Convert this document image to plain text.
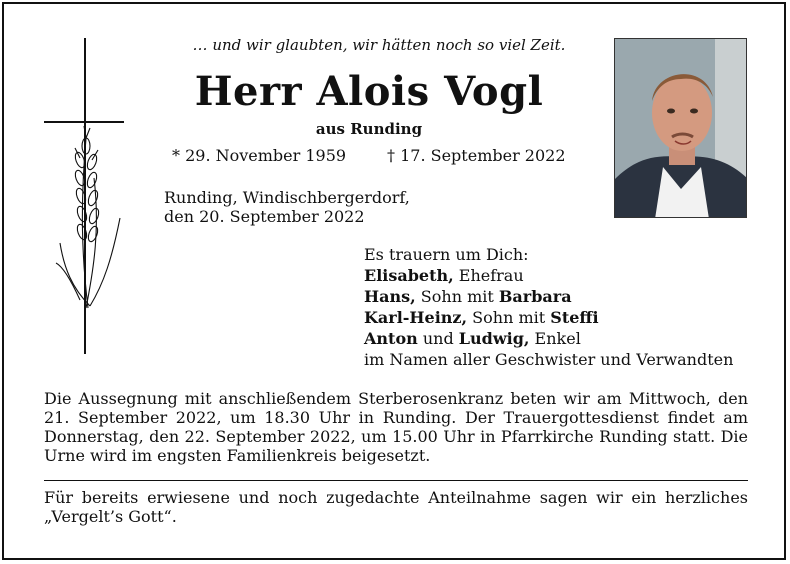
… und wir glaubten, wir hätten noch so viel Zeit.
Herr Alois Vogl
aus Runding
* 29. November 1959	† 17. September 2022
Runding, Windischbergerdorf,
den 20. September 2022
Es trauern um Dich:
Elisabeth, Ehefrau
Hans, Sohn mit Barbara
Karl-Heinz, Sohn mit Steffi
Anton und Ludwig, Enkel
im Namen aller Geschwister und Verwandten
Die Aussegnung mit anschließendem Sterberosenkranz beten wir am Mittwoch, den 21. September 2022, um 18.30 Uhr in Runding. Der Trauergottesdienst findet am Donnerstag, den 22. September 2022, um 15.00 Uhr in Pfarrkirche Runding statt. Die Urne wird im engsten Familienkreis beigesetzt.
Für bereits erwiesene und noch zugedachte Anteilnahme sagen wir ein herzliches „Vergelt’s Gott“.
